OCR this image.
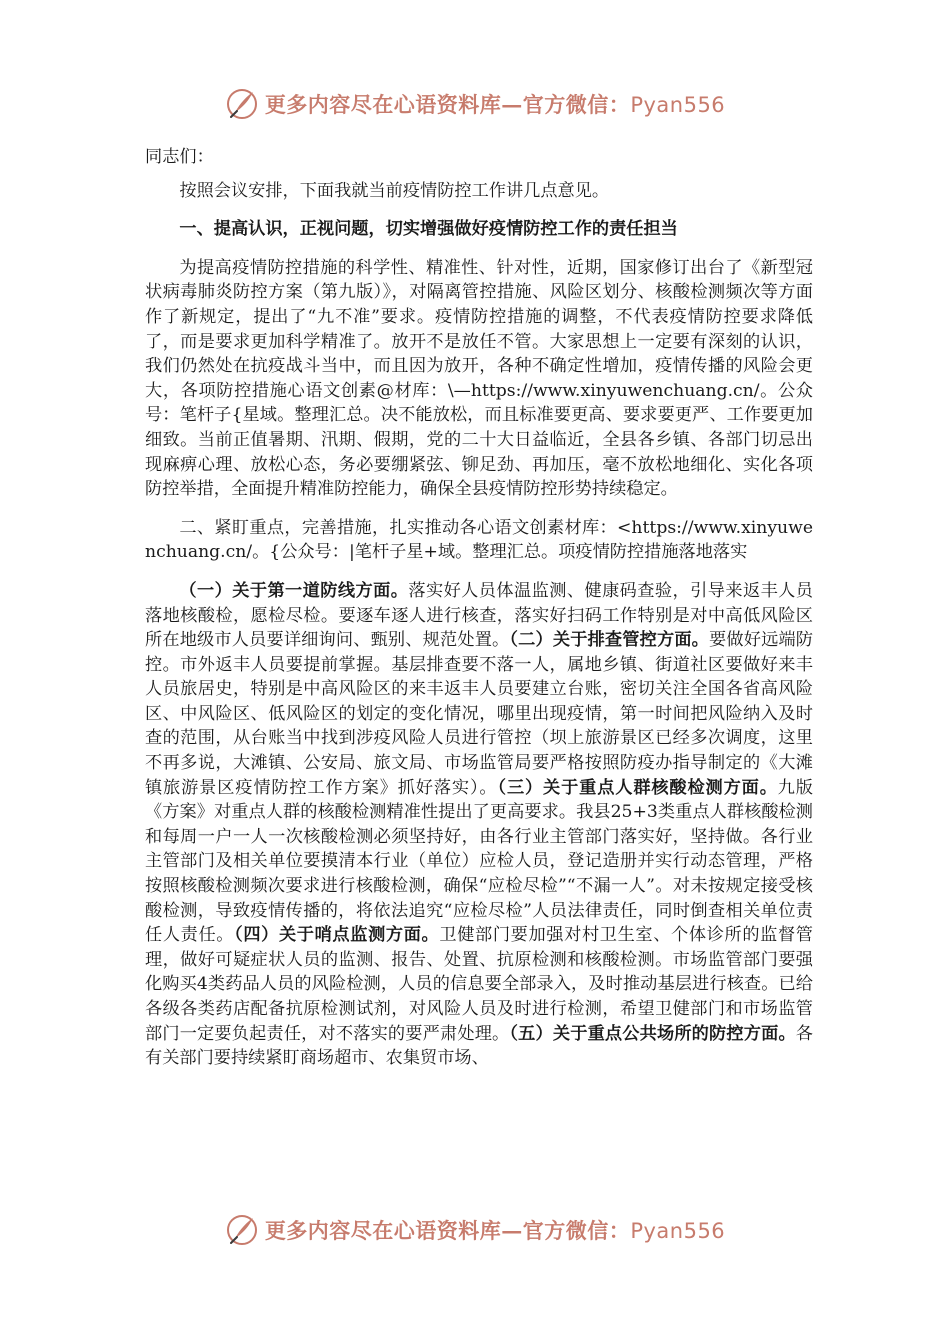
更多内容尽在心语资料库—官方微信：Pyan556

同志们：

按照会议安排，下面我就当前疫情防控工作讲几点意见。

一、提高认识，正视问题，切实增强做好疫情防控工作的责任担当

为提高疫情防控措施的科学性、精准性、针对性，近期，国家修订出台了《新型冠状病毒肺炎防控方案（第九版）》，对隔离管控措施、风险区划分、核酸检测频次等方面作了新规定，提出了“九不准”要求。疫情防控措施的调整，不代表疫情防控要求降低了，而是要求更加科学精准了。放开不是放任不管。大家思想上一定要有深刻的认识，我们仍然处在抗疫战斗当中，而且因为放开，各种不确定性增加，疫情传播的风险会更大，各项防控措施心语文创素@材库：\—https://www.xinyuwenchuang.cn/。公众号：笔杆子{星域。整理汇总。决不能放松，而且标准要更高、要求要更严、工作要更加细致。当前正值暑期、汛期、假期，党的二十大日益临近，全县各乡镇、各部门切忌出现麻痹心理、放松心态，务必要绷紧弦、铆足劲、再加压，毫不放松地细化、实化各项防控举措，全面提升精准防控能力，确保全县疫情防控形势持续稳定。

二、紧盯重点，完善措施，扎实推动各心语文创素材库：<https://www.xinyuwenchuang.cn/。{公众号：|笔杆子星+域。整理汇总。项疫情防控措施落地落实

（一）关于第一道防线方面。落实好人员体温监测、健康码查验，引导来返丰人员落地核酸检，愿检尽检。要逐车逐人进行核查，落实好扫码工作特别是对中高低风险区所在地级市人员要详细询问、甄别、规范处置。（二）关于排查管控方面。要做好远端防控。市外返丰人员要提前掌握。基层排查要不落一人，属地乡镇、街道社区要做好来丰人员旅居史，特别是中高风险区的来丰返丰人员要建立台账，密切关注全国各省高风险区、中风险区、低风险区的划定的变化情况，哪里出现疫情，第一时间把风险纳入及时查的范围，从台账当中找到涉疫风险人员进行管控（坝上旅游景区已经多次调度，这里不再多说，大滩镇、公安局、旅文局、市场监管局要严格按照防疫办指导制定的《大滩镇旅游景区疫情防控工作方案》抓好落实）。（三）关于重点人群核酸检测方面。九版《方案》对重点人群的核酸检测精准性提出了更高要求。我县25+3类重点人群核酸检测和每周一户一人一次核酸检测必须坚持好，由各行业主管部门落实好，坚持做。各行业主管部门及相关单位要摸清本行业（单位）应检人员，登记造册并实行动态管理，严格按照核酸检测频次要求进行核酸检测，确保“应检尽检”“不漏一人”。对未按规定接受核酸检测，导致疫情传播的，将依法追究“应检尽检”人员法律责任，同时倒查相关单位责任人责任。（四）关于哨点监测方面。卫健部门要加强对村卫生室、个体诊所的监督管理，做好可疑症状人员的监测、报告、处置、抗原检测和核酸检测。市场监管部门要强化购买4类药品人员的风险检测，人员的信息要全部录入，及时推动基层进行核查。已给各级各类药店配备抗原检测试剂，对风险人员及时进行检测，希望卫健部门和市场监管部门一定要负起责任，对不落实的要严肃处理。（五）关于重点公共场所的防控方面。各有关部门要持续紧盯商场超市、农集贸市场、

更多内容尽在心语资料库—官方微信：Pyan556
